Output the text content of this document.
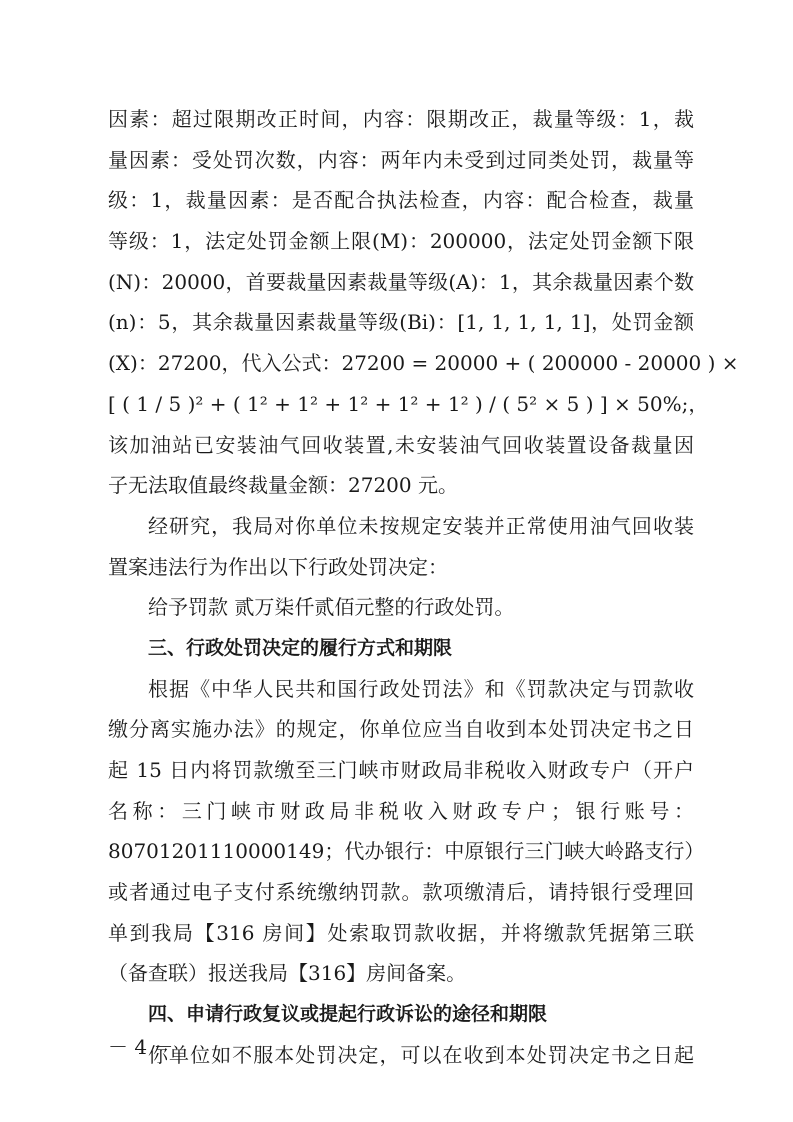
因素：超过限期改正时间，内容：限期改正，裁量等级：1，裁
量因素：受处罚次数，内容：两年内未受到过同类处罚，裁量等
级：1，裁量因素：是否配合执法检查，内容：配合检查，裁量
等级：1，法定处罚金额上限(M)：200000，法定处罚金额下限
(N)：20000，首要裁量因素裁量等级(A)：1，其余裁量因素个数
(n)：5，其余裁量因素裁量等级(Bi)：[1, 1, 1, 1, 1]，处罚金额
(X)：27200，代入公式：27200 = 20000 + ( 200000 - 20000 ) ×
[ ( 1 / 5 )² + ( 1² + 1² + 1² + 1² + 1² ) / ( 5² × 5 ) ] × 50%;，
该加油站已安装油气回收装置,未安装油气回收装置设备裁量因
子无法取值最终裁量金额：27200 元。
经研究，我局对你单位未按规定安装并正常使用油气回收装
置案违法行为作出以下行政处罚决定：
给予罚款 贰万柒仟贰佰元整的行政处罚。
三、行政处罚决定的履行方式和期限
根据《中华人民共和国行政处罚法》和《罚款决定与罚款收
缴分离实施办法》的规定，你单位应当自收到本处罚决定书之日
起 15 日内将罚款缴至三门峡市财政局非税收入财政专户（开户
名称：三门峡市财政局非税收入财政专户；银行账号：
80701201110000149；代办银行：中原银行三门峡大岭路支行）
或者通过电子支付系统缴纳罚款。款项缴清后，请持银行受理回
单到我局【316 房间】处索取罚款收据，并将缴款凭据第三联
（备查联）报送我局【316】房间备案。
四、申请行政复议或提起行政诉讼的途径和期限
你单位如不服本处罚决定，可以在收到本处罚决定书之日起
－ 4 －
